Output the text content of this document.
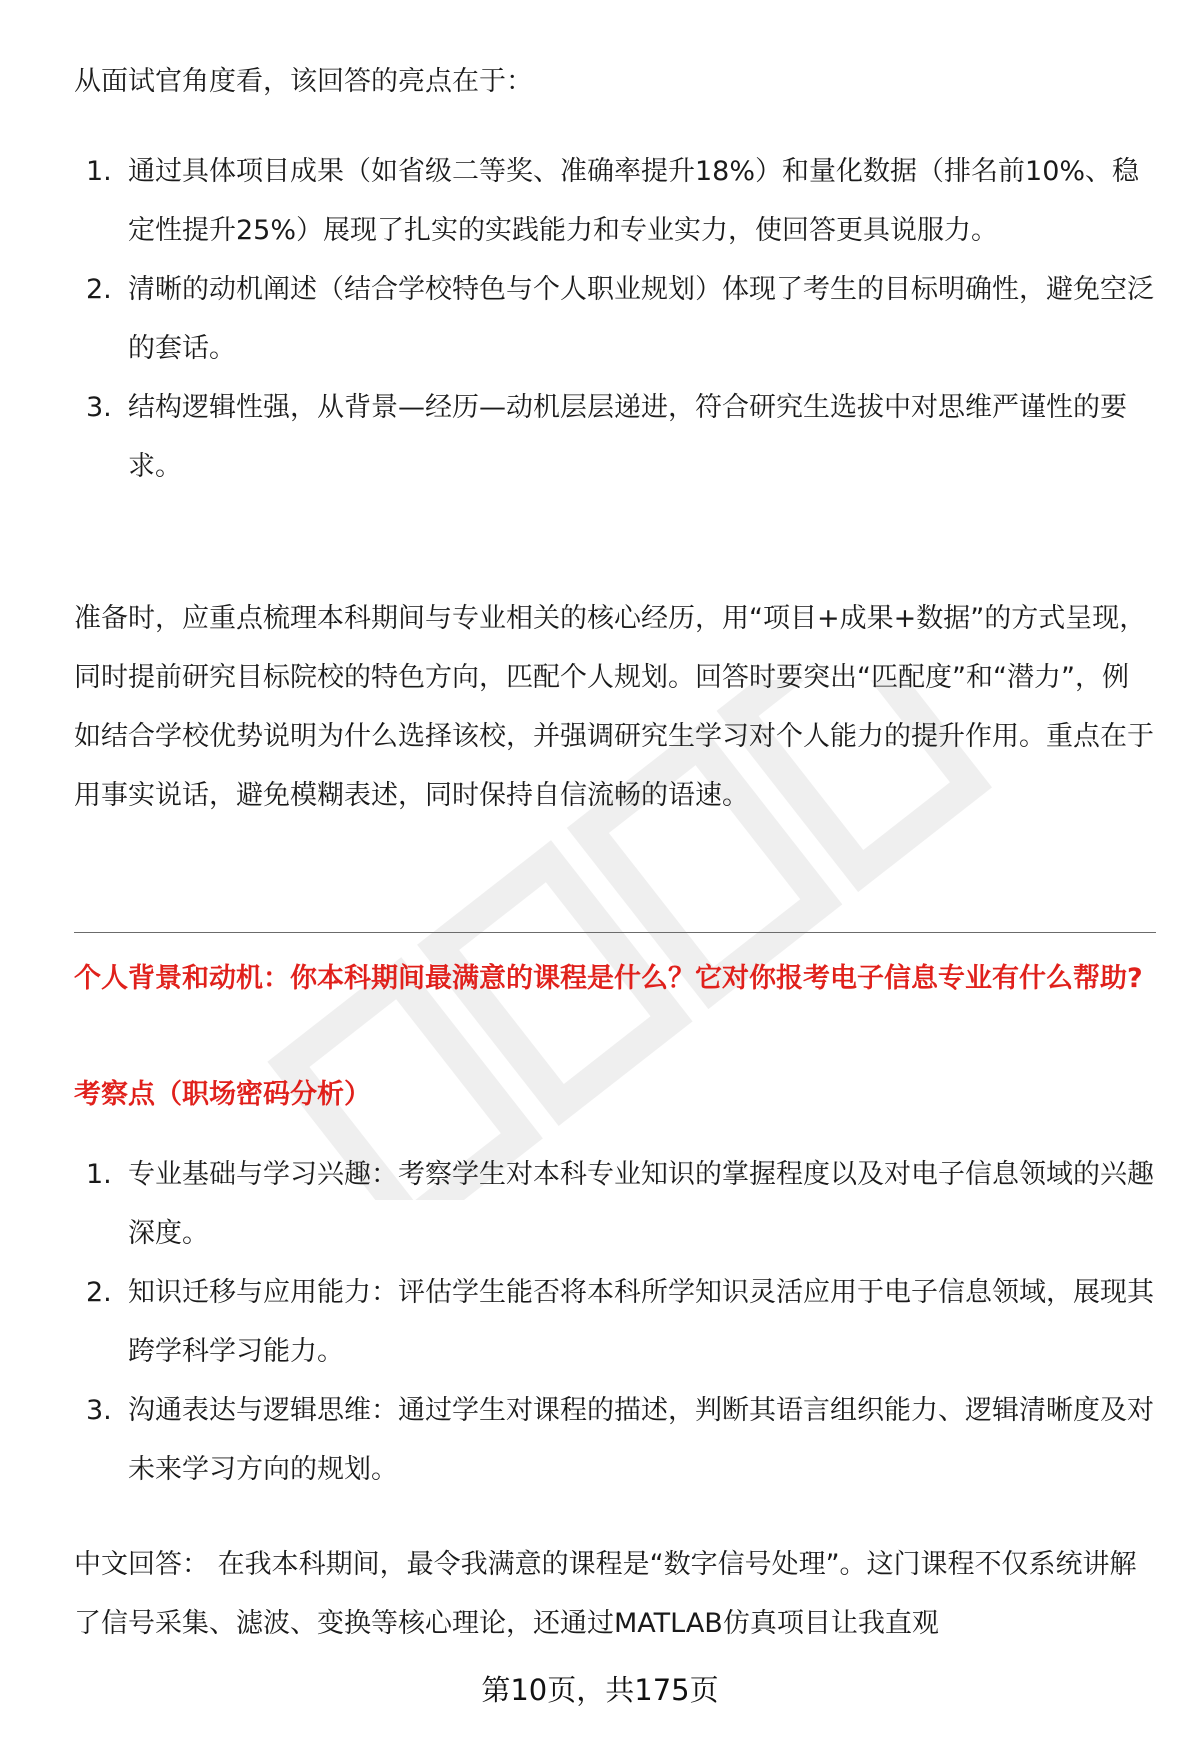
从面试官角度看，该回答的亮点在于：

1. 通过具体项目成果（如省级二等奖、准确率提升18%）和量化数据（排名前10%、稳定性提升25%）展现了扎实的实践能力和专业实力，使回答更具说服力。
2. 清晰的动机阐述（结合学校特色与个人职业规划）体现了考生的目标明确性，避免空泛的套话。
3. 结构逻辑性强，从背景—经历—动机层层递进，符合研究生选拔中对思维严谨性的要求。

准备时，应重点梳理本科期间与专业相关的核心经历，用“项目+成果+数据”的方式呈现，同时提前研究目标院校的特色方向，匹配个人规划。回答时要突出“匹配度”和“潜力”，例如结合学校优势说明为什么选择该校，并强调研究生学习对个人能力的提升作用。重点在于用事实说话，避免模糊表述，同时保持自信流畅的语速。

个人背景和动机：你本科期间最满意的课程是什么？它对你报考电子信息专业有什么帮助?

考察点（职场密码分析）

1. 专业基础与学习兴趣：考察学生对本科专业知识的掌握程度以及对电子信息领域的兴趣深度。
2. 知识迁移与应用能力：评估学生能否将本科所学知识灵活应用于电子信息领域，展现其跨学科学习能力。
3. 沟通表达与逻辑思维：通过学生对课程的描述，判断其语言组织能力、逻辑清晰度及对未来学习方向的规划。

中文回答： 在我本科期间，最令我满意的课程是“数字信号处理”。这门课程不仅系统讲解了信号采集、滤波、变换等核心理论，还通过MATLAB仿真项目让我直观

第10页，共175页
